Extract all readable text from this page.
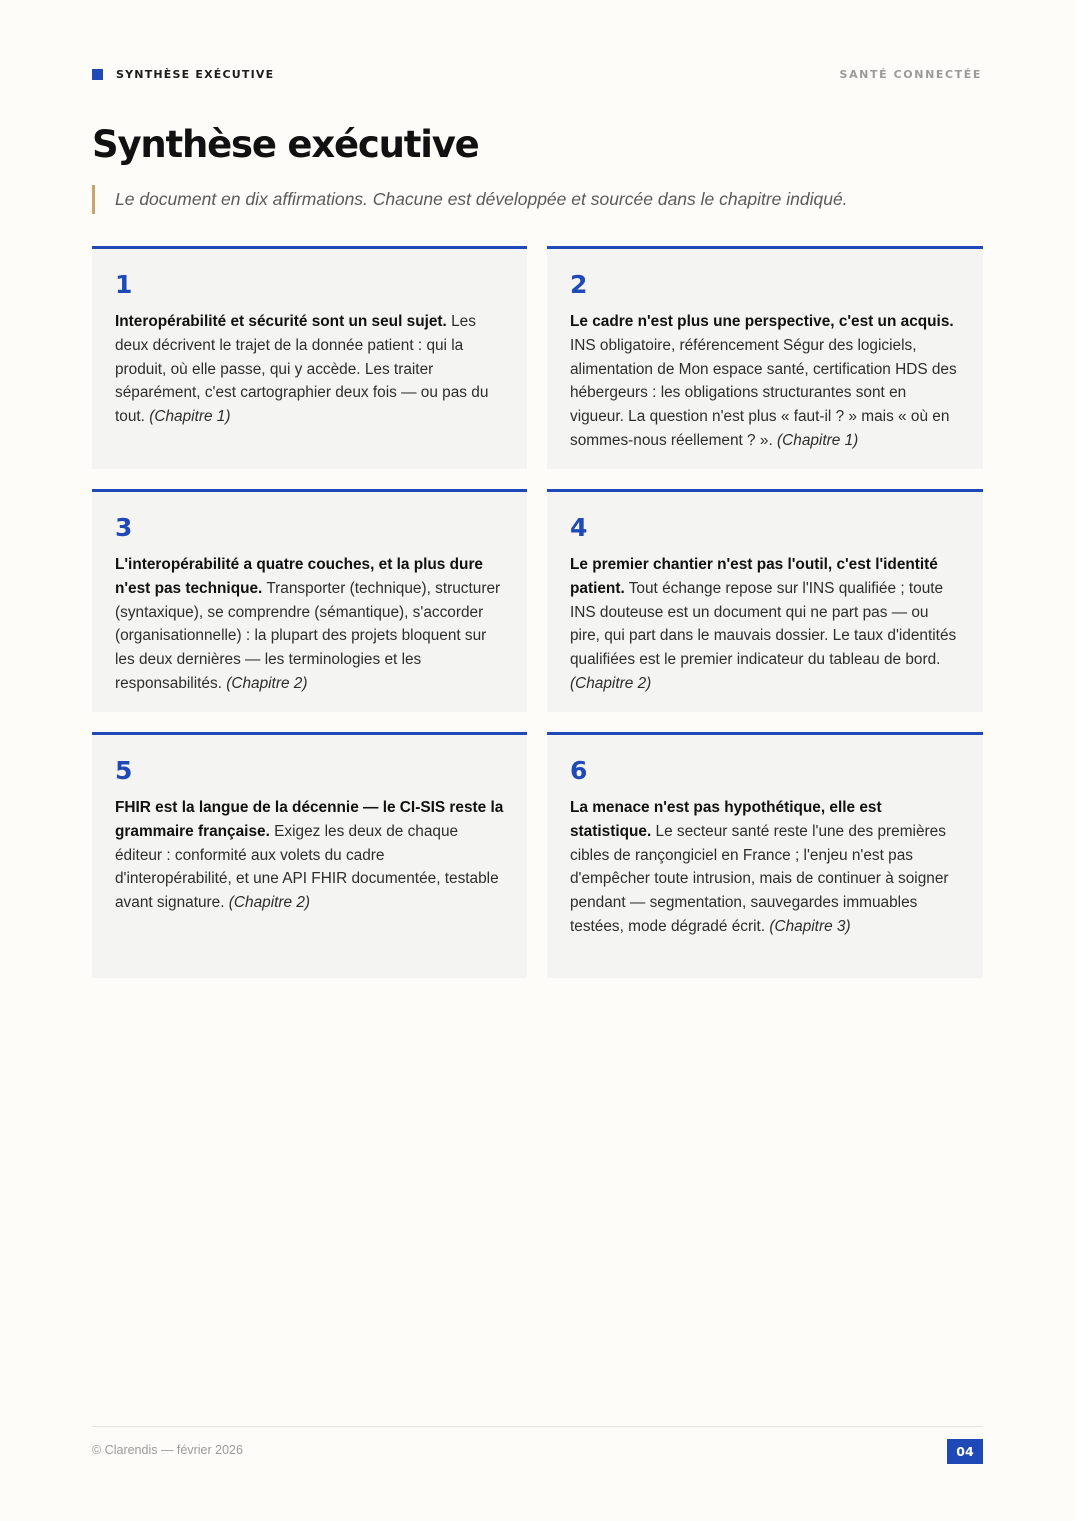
SYNTHÈSE EXÉCUTIVE	SANTÉ CONNECTÉE
Synthèse exécutive
Le document en dix affirmations. Chacune est développée et sourcée dans le chapitre indiqué.
1

Interopérabilité et sécurité sont un seul sujet. Les deux décrivent le trajet de la donnée patient : qui la produit, où elle passe, qui y accède. Les traiter séparément, c'est cartographier deux fois — ou pas du tout. (Chapitre 1)

2

Le cadre n'est plus une perspective, c'est un acquis. INS obligatoire, référencement Ségur des logiciels, alimentation de Mon espace santé, certification HDS des hébergeurs : les obligations structurantes sont en vigueur. La question n'est plus « faut-il ? » mais « où en sommes-nous réellement ? ». (Chapitre 1)

3

L'interopérabilité a quatre couches, et la plus dure n'est pas technique. Transporter (technique), structurer (syntaxique), se comprendre (sémantique), s'accorder (organisationnelle) : la plupart des projets bloquent sur les deux dernières — les terminologies et les responsabilités. (Chapitre 2)

4

Le premier chantier n'est pas l'outil, c'est l'identité patient. Tout échange repose sur l'INS qualifiée ; toute INS douteuse est un document qui ne part pas — ou pire, qui part dans le mauvais dossier. Le taux d'identités qualifiées est le premier indicateur du tableau de bord. (Chapitre 2)

5

FHIR est la langue de la décennie — le CI-SIS reste la grammaire française. Exigez les deux de chaque éditeur : conformité aux volets du cadre d'interopérabilité, et une API FHIR documentée, testable avant signature. (Chapitre 2)

6

La menace n'est pas hypothétique, elle est statistique. Le secteur santé reste l'une des premières cibles de rançongiciel en France ; l'enjeu n'est pas d'empêcher toute intrusion, mais de continuer à soigner pendant — segmentation, sauvegardes immuables testées, mode dégradé écrit. (Chapitre 3)

© Clarendis — février 2026	04
